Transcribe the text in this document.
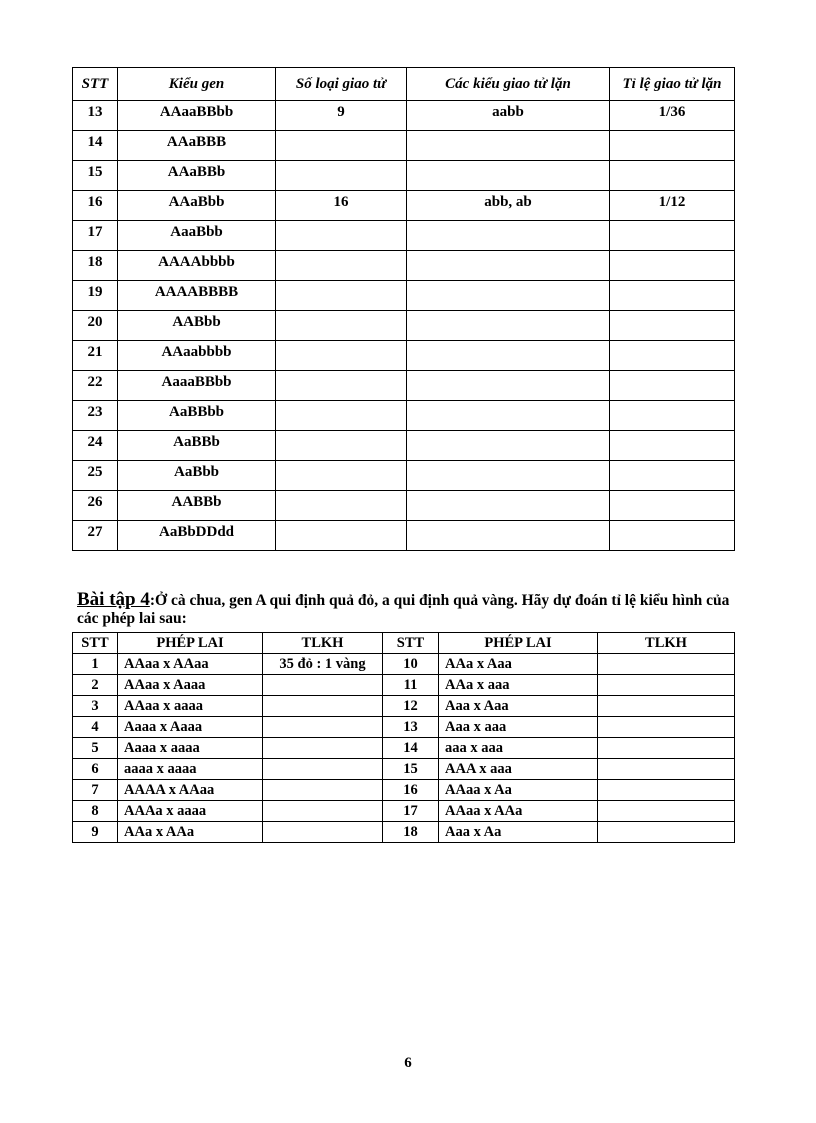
STT	Kiểu gen	Số loại giao tử	Các kiểu giao tử lặn	Tỉ lệ giao tử lặn
13	AAaaBBbb	9	aabb	1/36
14	AAaBBB			
15	AAaBBb			
16	AAaBbb	16	abb, ab	1/12
17	AaaBbb			
18	AAAAbbbb			
19	AAAABBBB			
20	AABbb			
21	AAaabbbb			
22	AaaaBBbb			
23	AaBBbb			
24	AaBBb			
25	AaBbb			
26	AABBb			
27	AaBbDDdd			
Bài tập 4:Ở cà chua, gen A qui định quả đỏ, a qui định quả vàng. Hãy dự đoán tỉ lệ kiểu hình của
các phép lai sau:
STT	PHÉP LAI	TLKH	STT	PHÉP LAI	TLKH
1	AAaa x AAaa	35 đỏ : 1 vàng	10	AAa x Aaa	
2	AAaa x Aaaa		11	AAa x aaa	
3	AAaa x aaaa		12	Aaa x Aaa	
4	Aaaa x Aaaa		13	Aaa x aaa	
5	Aaaa x aaaa		14	aaa x aaa	
6	aaaa x aaaa		15	AAA x aaa	
7	AAAA x AAaa		16	AAaa x Aa	
8	AAAa x aaaa		17	AAaa x AAa	
9	AAa x AAa		18	Aaa x Aa	
6
